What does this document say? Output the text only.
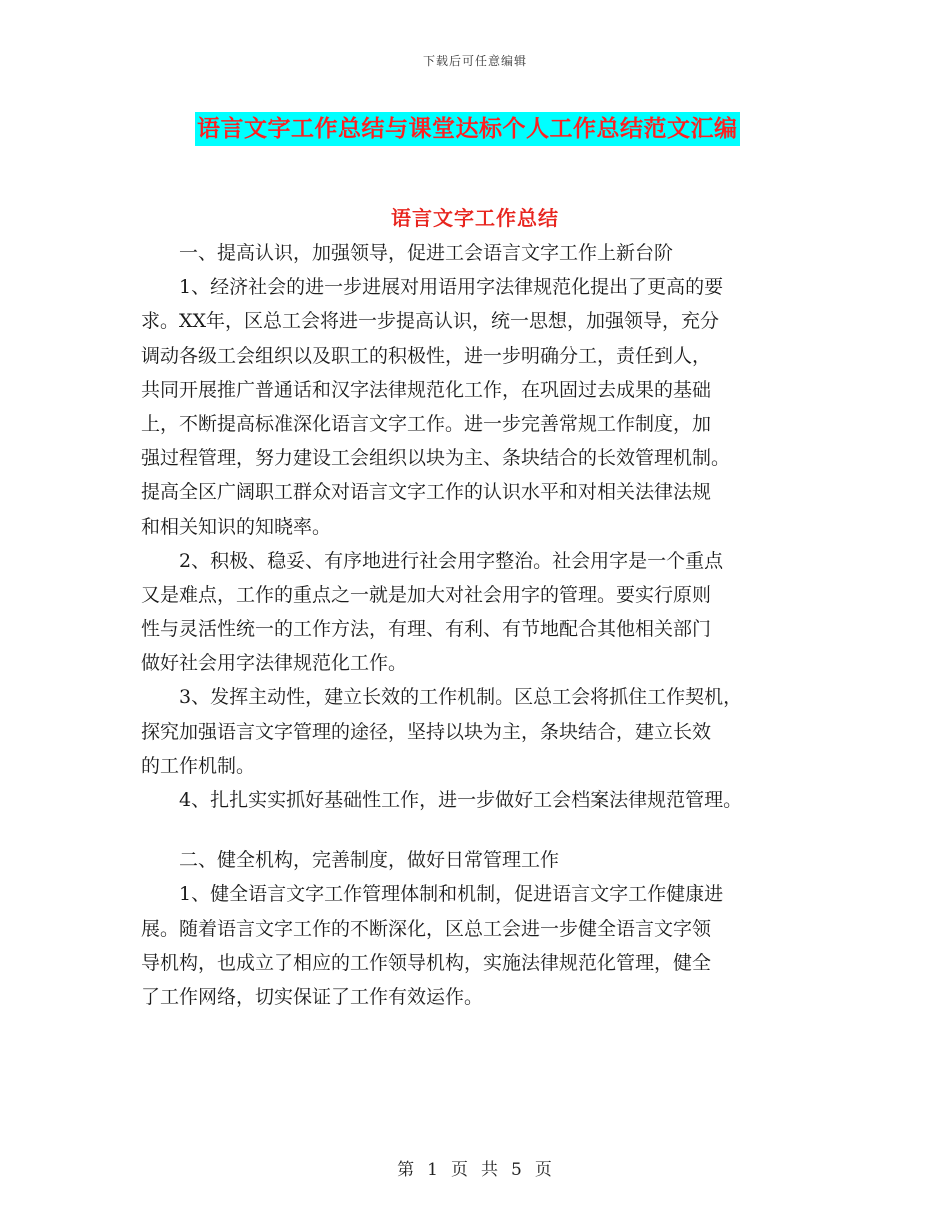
下载后可任意编辑
语言文字工作总结与课堂达标个人工作总结范文汇编
语言文字工作总结
一、提高认识，加强领导，促进工会语言文字工作上新台阶
1、经济社会的进一步进展对用语用字法律规范化提出了更高的要
求。XX年，区总工会将进一步提高认识，统一思想，加强领导，充分
调动各级工会组织以及职工的积极性，进一步明确分工，责任到人，
共同开展推广普通话和汉字法律规范化工作，在巩固过去成果的基础
上，不断提高标准深化语言文字工作。进一步完善常规工作制度，加
强过程管理，努力建设工会组织以块为主、条块结合的长效管理机制。
提高全区广阔职工群众对语言文字工作的认识水平和对相关法律法规
和相关知识的知晓率。
2、积极、稳妥、有序地进行社会用字整治。社会用字是一个重点
又是难点，工作的重点之一就是加大对社会用字的管理。要实行原则
性与灵活性统一的工作方法，有理、有利、有节地配合其他相关部门
做好社会用字法律规范化工作。
3、发挥主动性，建立长效的工作机制。区总工会将抓住工作契机，
探究加强语言文字管理的途径，坚持以块为主，条块结合，建立长效
的工作机制。
4、扎扎实实抓好基础性工作，进一步做好工会档案法律规范管理。
二、健全机构，完善制度，做好日常管理工作
1、健全语言文字工作管理体制和机制，促进语言文字工作健康进
展。随着语言文字工作的不断深化，区总工会进一步健全语言文字领
导机构，也成立了相应的工作领导机构，实施法律规范化管理，健全
了工作网络，切实保证了工作有效运作。
第 1 页 共 5 页
